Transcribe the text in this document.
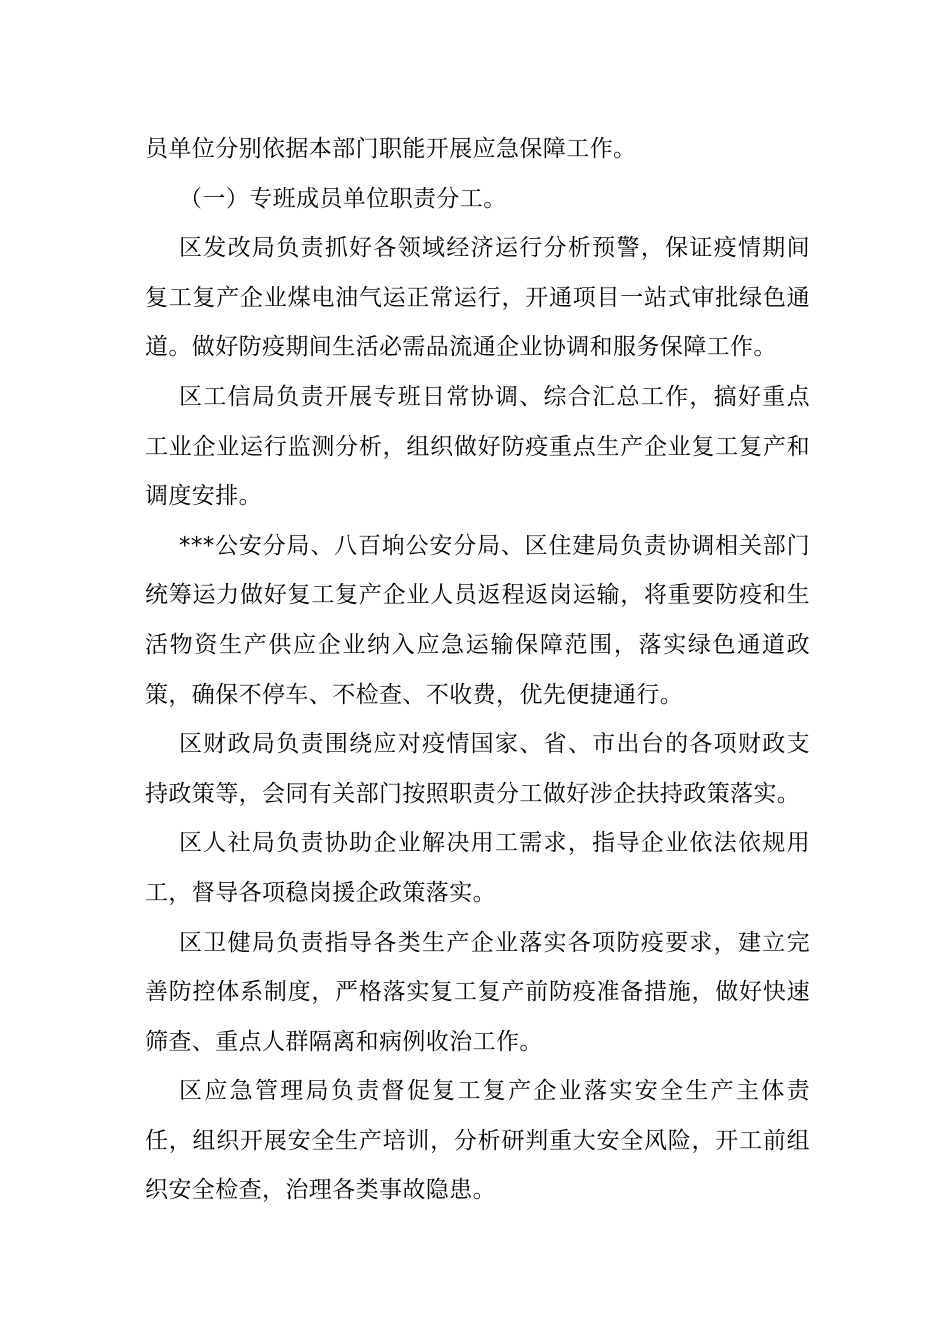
员单位分别依据本部门职能开展应急保障工作。

（一）专班成员单位职责分工。

区发改局负责抓好各领域经济运行分析预警，保证疫情期间复工复产企业煤电油气运正常运行，开通项目一站式审批绿色通道。做好防疫期间生活必需品流通企业协调和服务保障工作。

区工信局负责开展专班日常协调、综合汇总工作，搞好重点工业企业运行监测分析，组织做好防疫重点生产企业复工复产和调度安排。

***公安分局、八百垧公安分局、区住建局负责协调相关部门统筹运力做好复工复产企业人员返程返岗运输，将重要防疫和生活物资生产供应企业纳入应急运输保障范围，落实绿色通道政策，确保不停车、不检查、不收费，优先便捷通行。

区财政局负责围绕应对疫情国家、省、市出台的各项财政支持政策等，会同有关部门按照职责分工做好涉企扶持政策落实。

区人社局负责协助企业解决用工需求，指导企业依法依规用工，督导各项稳岗援企政策落实。

区卫健局负责指导各类生产企业落实各项防疫要求，建立完善防控体系制度，严格落实复工复产前防疫准备措施，做好快速筛查、重点人群隔离和病例收治工作。

区应急管理局负责督促复工复产企业落实安全生产主体责任，组织开展安全生产培训，分析研判重大安全风险，开工前组织安全检查，治理各类事故隐患。
